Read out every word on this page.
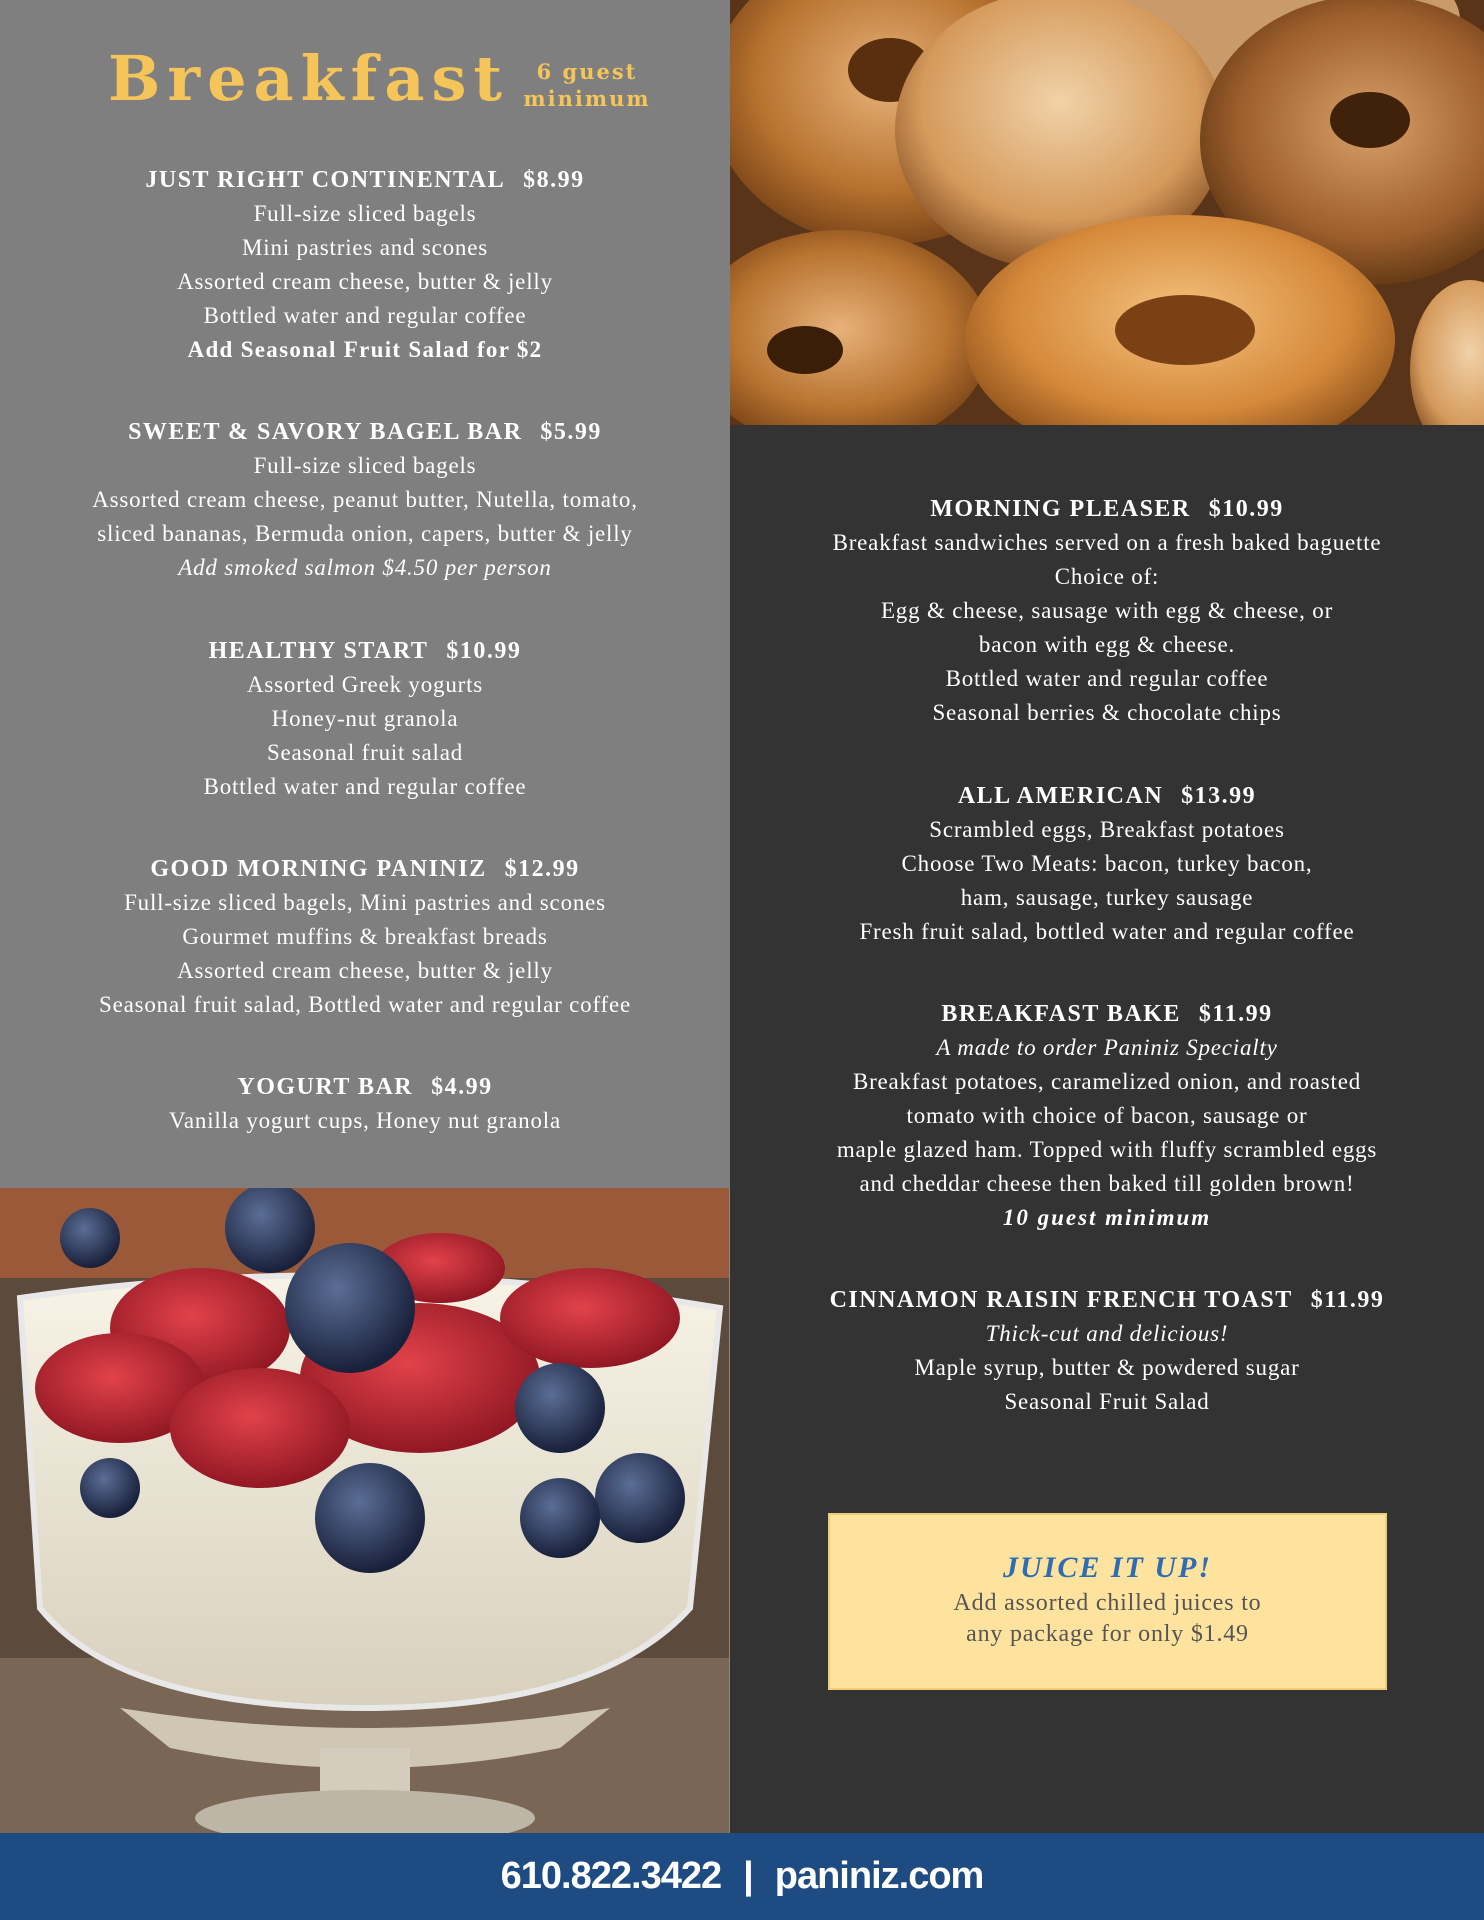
Breakfast	6 guest
minimum
JUST RIGHT CONTINENTAL $8.99
Full-size sliced bagels
Mini pastries and scones
Assorted cream cheese, butter & jelly
Bottled water and regular coffee
Add Seasonal Fruit Salad for $2
SWEET & SAVORY BAGEL BAR $5.99
Full-size sliced bagels
Assorted cream cheese, peanut butter, Nutella, tomato,
sliced bananas, Bermuda onion, capers, butter & jelly
Add smoked salmon $4.50 per person
HEALTHY START $10.99
Assorted Greek yogurts
Honey-nut granola
Seasonal fruit salad
Bottled water and regular coffee
GOOD MORNING PANINIZ $12.99
Full-size sliced bagels, Mini pastries and scones
Gourmet muffins & breakfast breads
Assorted cream cheese, butter & jelly
Seasonal fruit salad, Bottled water and regular coffee
YOGURT BAR $4.99
Vanilla yogurt cups, Honey nut granola
MORNING PLEASER $10.99
Breakfast sandwiches served on a fresh baked baguette
Choice of:
Egg & cheese, sausage with egg & cheese, or
bacon with egg & cheese.
Bottled water and regular coffee
Seasonal berries & chocolate chips
ALL AMERICAN $13.99
Scrambled eggs, Breakfast potatoes
Choose Two Meats: bacon, turkey bacon,
ham, sausage, turkey sausage
Fresh fruit salad, bottled water and regular coffee
BREAKFAST BAKE $11.99
A made to order Paniniz Specialty
Breakfast potatoes, caramelized onion, and roasted
tomato with choice of bacon, sausage or
maple glazed ham. Topped with fluffy scrambled eggs
and cheddar cheese then baked till golden brown!
10 guest minimum
CINNAMON RAISIN FRENCH TOAST $11.99
Thick-cut and delicious!
Maple syrup, butter & powdered sugar
Seasonal Fruit Salad
JUICE IT UP!
Add assorted chilled juices to
any package for only $1.49
610.822.3422 | paniniz.com
